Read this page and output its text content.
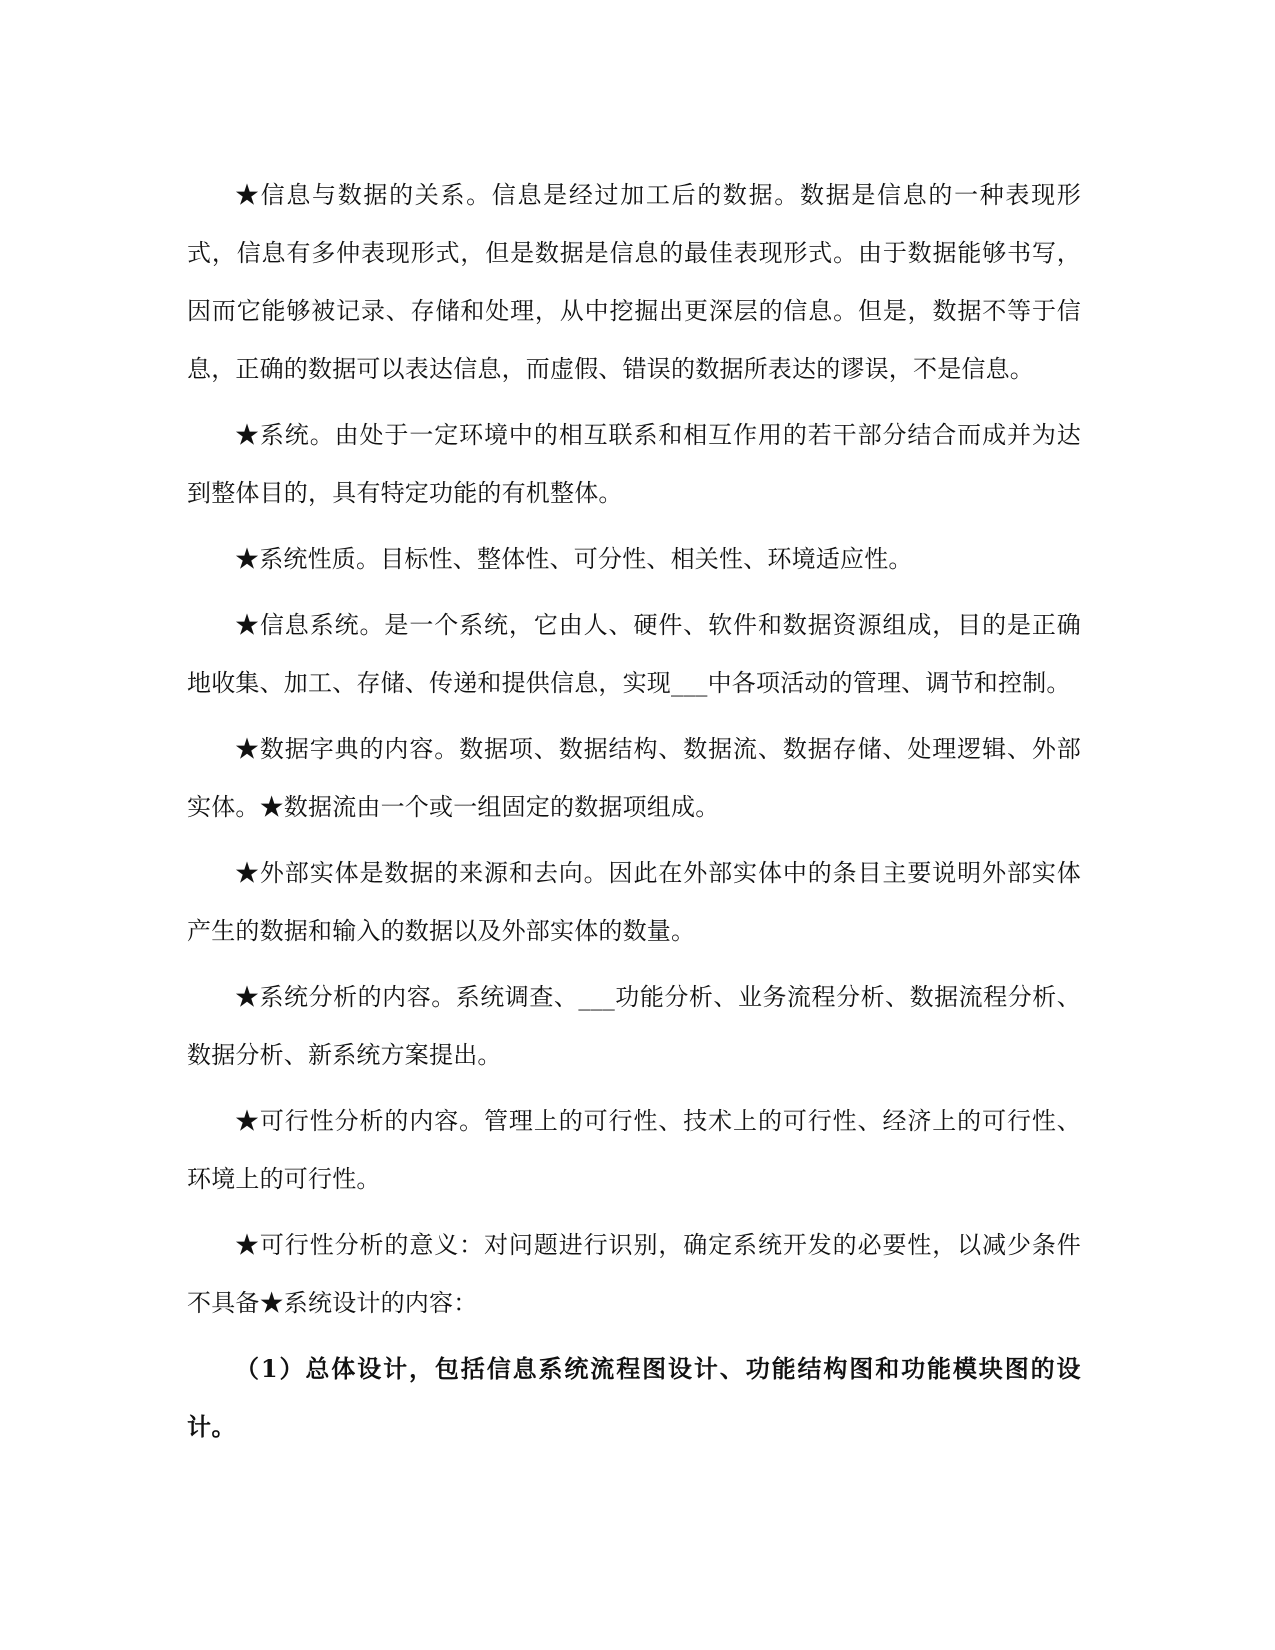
★信息与数据的关系。信息是经过加工后的数据。数据是信息的一种表现形式，信息有多仲表现形式，但是数据是信息的最佳表现形式。由于数据能够书写，因而它能够被记录、存储和处理，从中挖掘出更深层的信息。但是，数据不等于信息，正确的数据可以表达信息，而虚假、错误的数据所表达的谬误，不是信息。

★系统。由处于一定环境中的相互联系和相互作用的若干部分结合而成并为达到整体目的，具有特定功能的有机整体。

★系统性质。目标性、整体性、可分性、相关性、环境适应性。

★信息系统。是一个系统，它由人、硬件、软件和数据资源组成，目的是正确地收集、加工、存储、传递和提供信息，实现___中各项活动的管理、调节和控制。

★数据字典的内容。数据项、数据结构、数据流、数据存储、处理逻辑、外部实体。★数据流由一个或一组固定的数据项组成。

★外部实体是数据的来源和去向。因此在外部实体中的条目主要说明外部实体产生的数据和输入的数据以及外部实体的数量。

★系统分析的内容。系统调查、___功能分析、业务流程分析、数据流程分析、数据分析、新系统方案提出。

★可行性分析的内容。管理上的可行性、技术上的可行性、经济上的可行性、环境上的可行性。

★可行性分析的意义：对问题进行识别，确定系统开发的必要性，以减少条件不具备★系统设计的内容：

（1）总体设计，包括信息系统流程图设计、功能结构图和功能模块图的设计。
